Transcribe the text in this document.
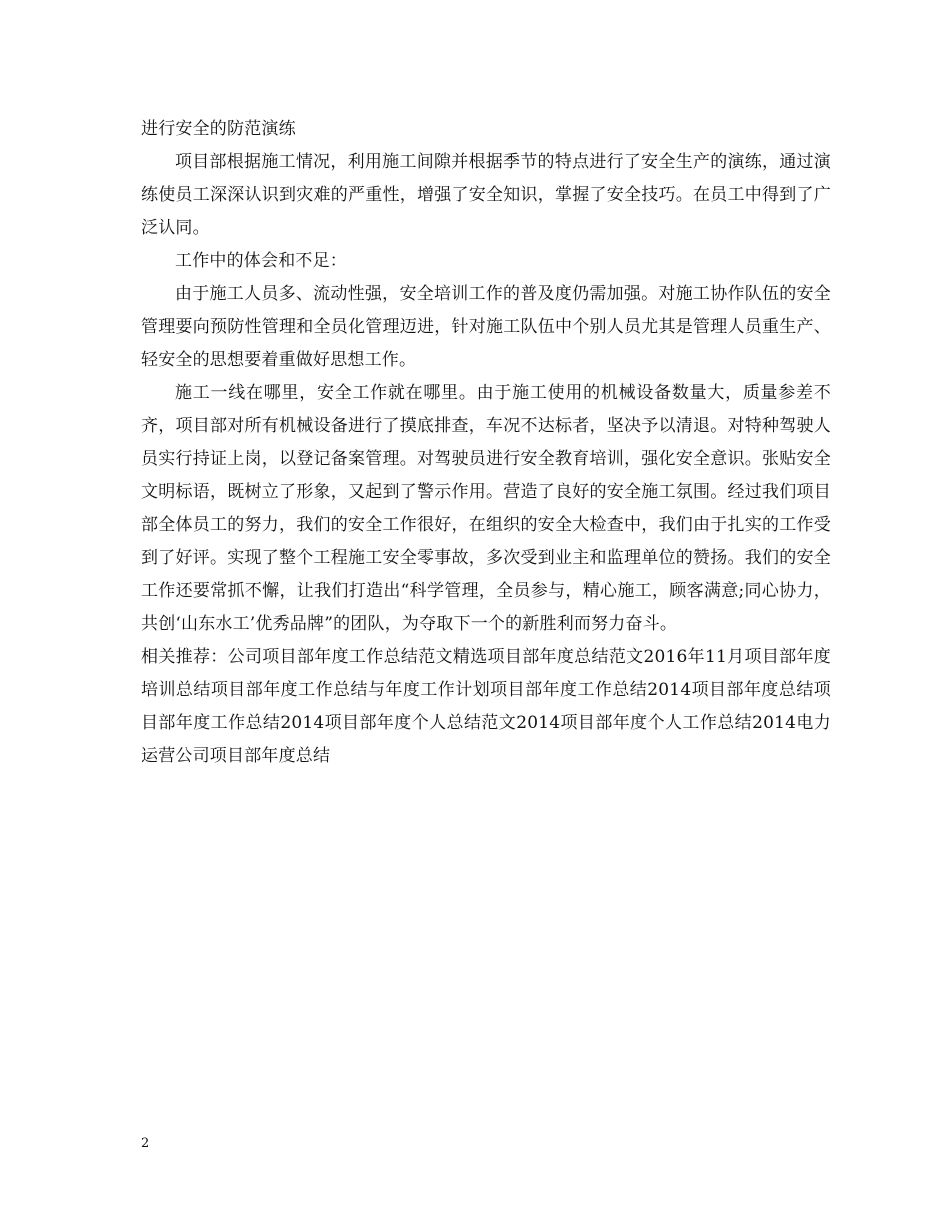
进行安全的防范演练

项目部根据施工情况，利用施工间隙并根据季节的特点进行了安全生产的演练，通过演练使员工深深认识到灾难的严重性，增强了安全知识，掌握了安全技巧。在员工中得到了广泛认同。

工作中的体会和不足：

由于施工人员多、流动性强，安全培训工作的普及度仍需加强。对施工协作队伍的安全管理要向预防性管理和全员化管理迈进，针对施工队伍中个别人员尤其是管理人员重生产、轻安全的思想要着重做好思想工作。

施工一线在哪里，安全工作就在哪里。由于施工使用的机械设备数量大，质量参差不齐，项目部对所有机械设备进行了摸底排查，车况不达标者，坚决予以清退。对特种驾驶人员实行持证上岗，以登记备案管理。对驾驶员进行安全教育培训，强化安全意识。张贴安全文明标语，既树立了形象，又起到了警示作用。营造了良好的安全施工氛围。经过我们项目部全体员工的努力，我们的安全工作很好，在组织的安全大检查中，我们由于扎实的工作受到了好评。实现了整个工程施工安全零事故，多次受到业主和监理单位的赞扬。我们的安全工作还要常抓不懈，让我们打造出“科学管理，全员参与，精心施工，顾客满意;同心协力，共创‘山东水工’优秀品牌”的团队，为夺取下一个的新胜利而努力奋斗。

相关推荐：公司项目部年度工作总结范文精选项目部年度总结范文2016年11月项目部年度培训总结项目部年度工作总结与年度工作计划项目部年度工作总结2014项目部年度总结项目部年度工作总结2014项目部年度个人总结范文2014项目部年度个人工作总结2014电力运营公司项目部年度总结

2
